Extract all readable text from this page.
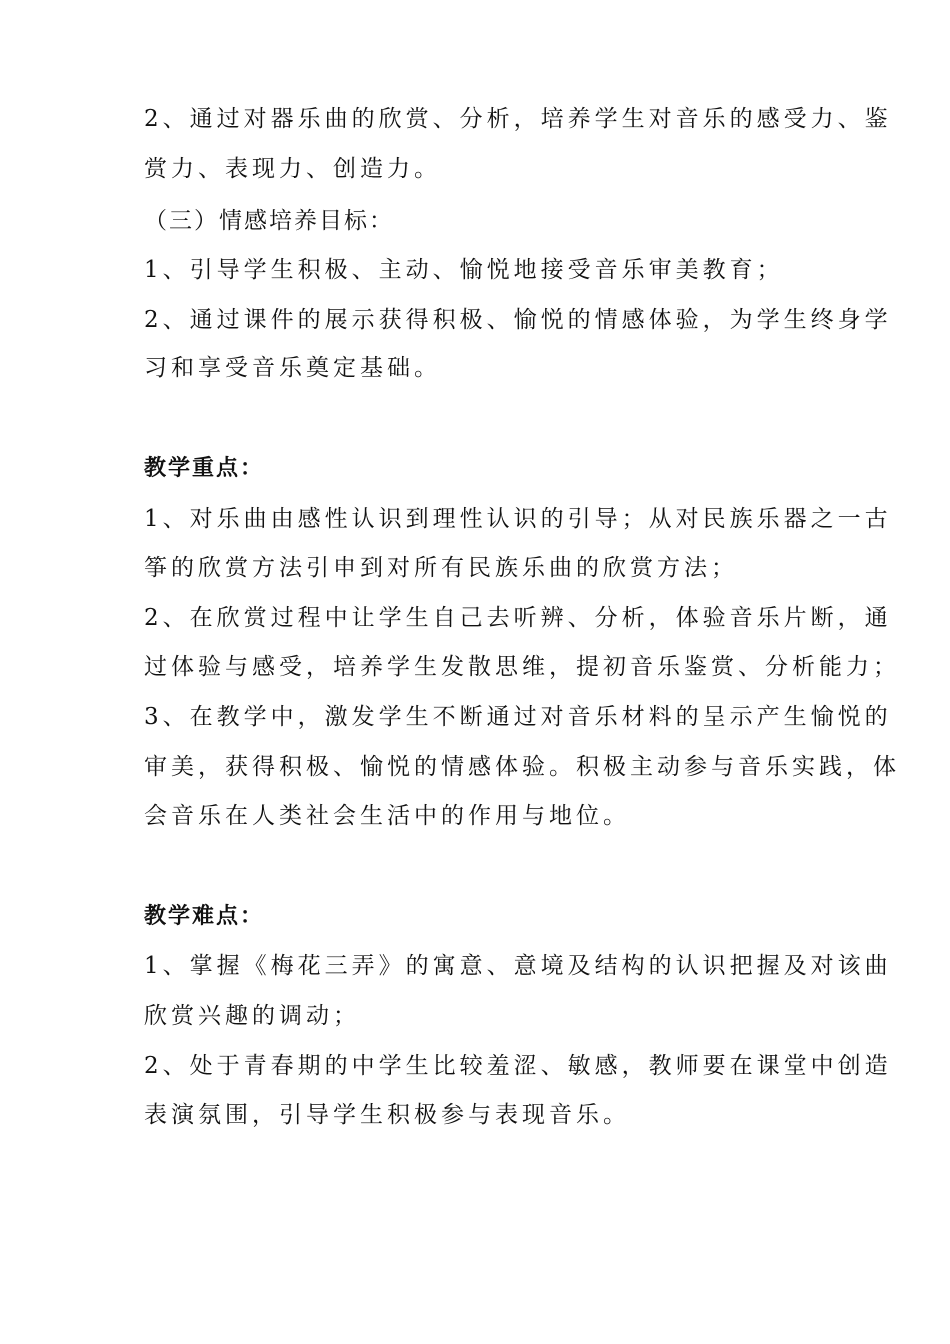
2、通过对器乐曲的欣赏、分析，培养学生对音乐的感受力、鉴
赏力、表现力、创造力。
（三）情感培养目标：
1、引导学生积极、主动、愉悦地接受音乐审美教育；
2、通过课件的展示获得积极、愉悦的情感体验，为学生终身学
习和享受音乐奠定基础。
教学重点：
1、对乐曲由感性认识到理性认识的引导；从对民族乐器之一古
筝的欣赏方法引申到对所有民族乐曲的欣赏方法；
2、在欣赏过程中让学生自己去听辨、分析，体验音乐片断，通
过体验与感受，培养学生发散思维，提初音乐鉴赏、分析能力；
3、在教学中，激发学生不断通过对音乐材料的呈示产生愉悦的
审美，获得积极、愉悦的情感体验。积极主动参与音乐实践，体
会音乐在人类社会生活中的作用与地位。
教学难点：
1、掌握《梅花三弄》的寓意、意境及结构的认识把握及对该曲
欣赏兴趣的调动；
2、处于青春期的中学生比较羞涩、敏感，教师要在课堂中创造
表演氛围，引导学生积极参与表现音乐。
